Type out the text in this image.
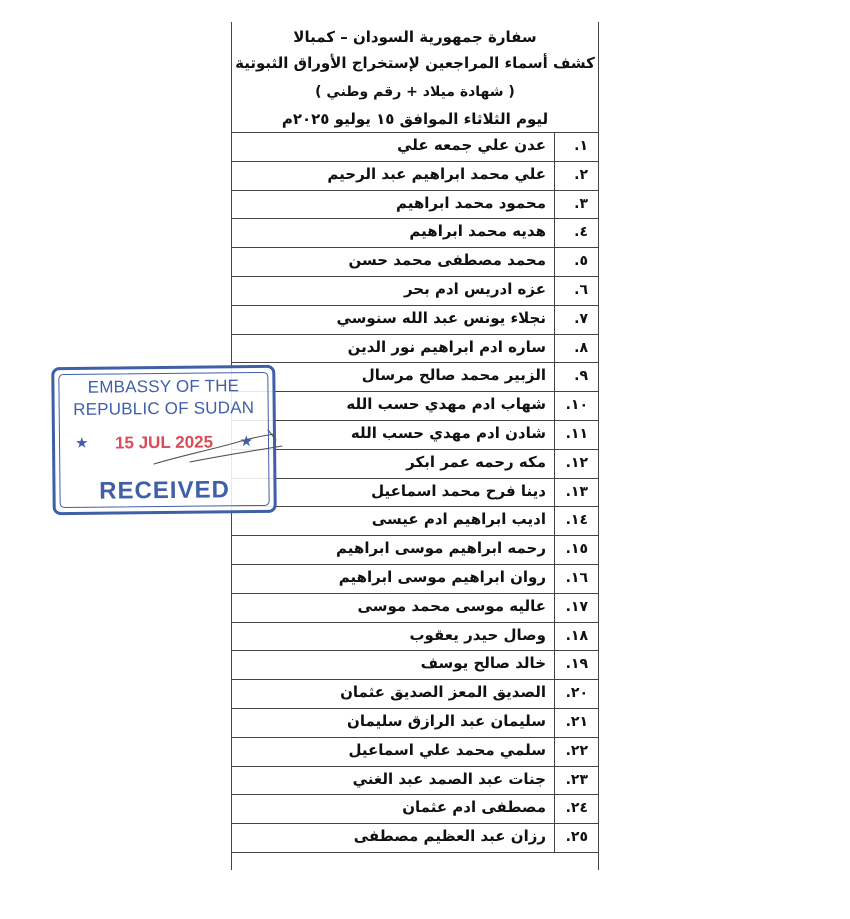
سفارة جمهورية السودان – كمبالا
كشف أسماء المراجعين لإستخراج الأوراق الثبوتية
( شهادة ميلاد + رقم وطني )
ليوم الثلاثاء الموافق ١٥ يوليو ٢٠٢٥م
١.
عدن علي جمعه علي
٢.
علي محمد ابراهيم عبد الرحيم
٣.
محمود محمد ابراهيم
٤.
هديه محمد ابراهيم
٥.
محمد مصطفى محمد حسن
٦.
عزه ادريس ادم بحر
٧.
نجلاء يونس عبد الله سنوسي
٨.
ساره ادم ابراهيم نور الدين
٩.
الزبير محمد صالح مرسال
١٠.
شهاب ادم مهدي حسب الله
١١.
شادن ادم مهدي حسب الله
١٢.
مكه رحمه عمر ابكر
١٣.
دينا فرح محمد اسماعيل
١٤.
اديب ابراهيم ادم عيسى
١٥.
رحمه ابراهيم موسى ابراهيم
١٦.
روان ابراهيم موسى ابراهيم
١٧.
عاليه موسى محمد موسى
١٨.
وصال حيدر يعقوب
١٩.
خالد صالح يوسف
٢٠.
الصديق المعز الصديق عثمان
٢١.
سليمان عبد الرازق سليمان
٢٢.
سلمي محمد علي اسماعيل
٢٣.
جنات عبد الصمد عبد الغني
٢٤.
مصطفى ادم عثمان
٢٥.
رزان عبد العظيم مصطفى
EMBASSY OF THE
REPUBLIC OF SUDAN
★	15 JUL 2025	★
RECEIVED
